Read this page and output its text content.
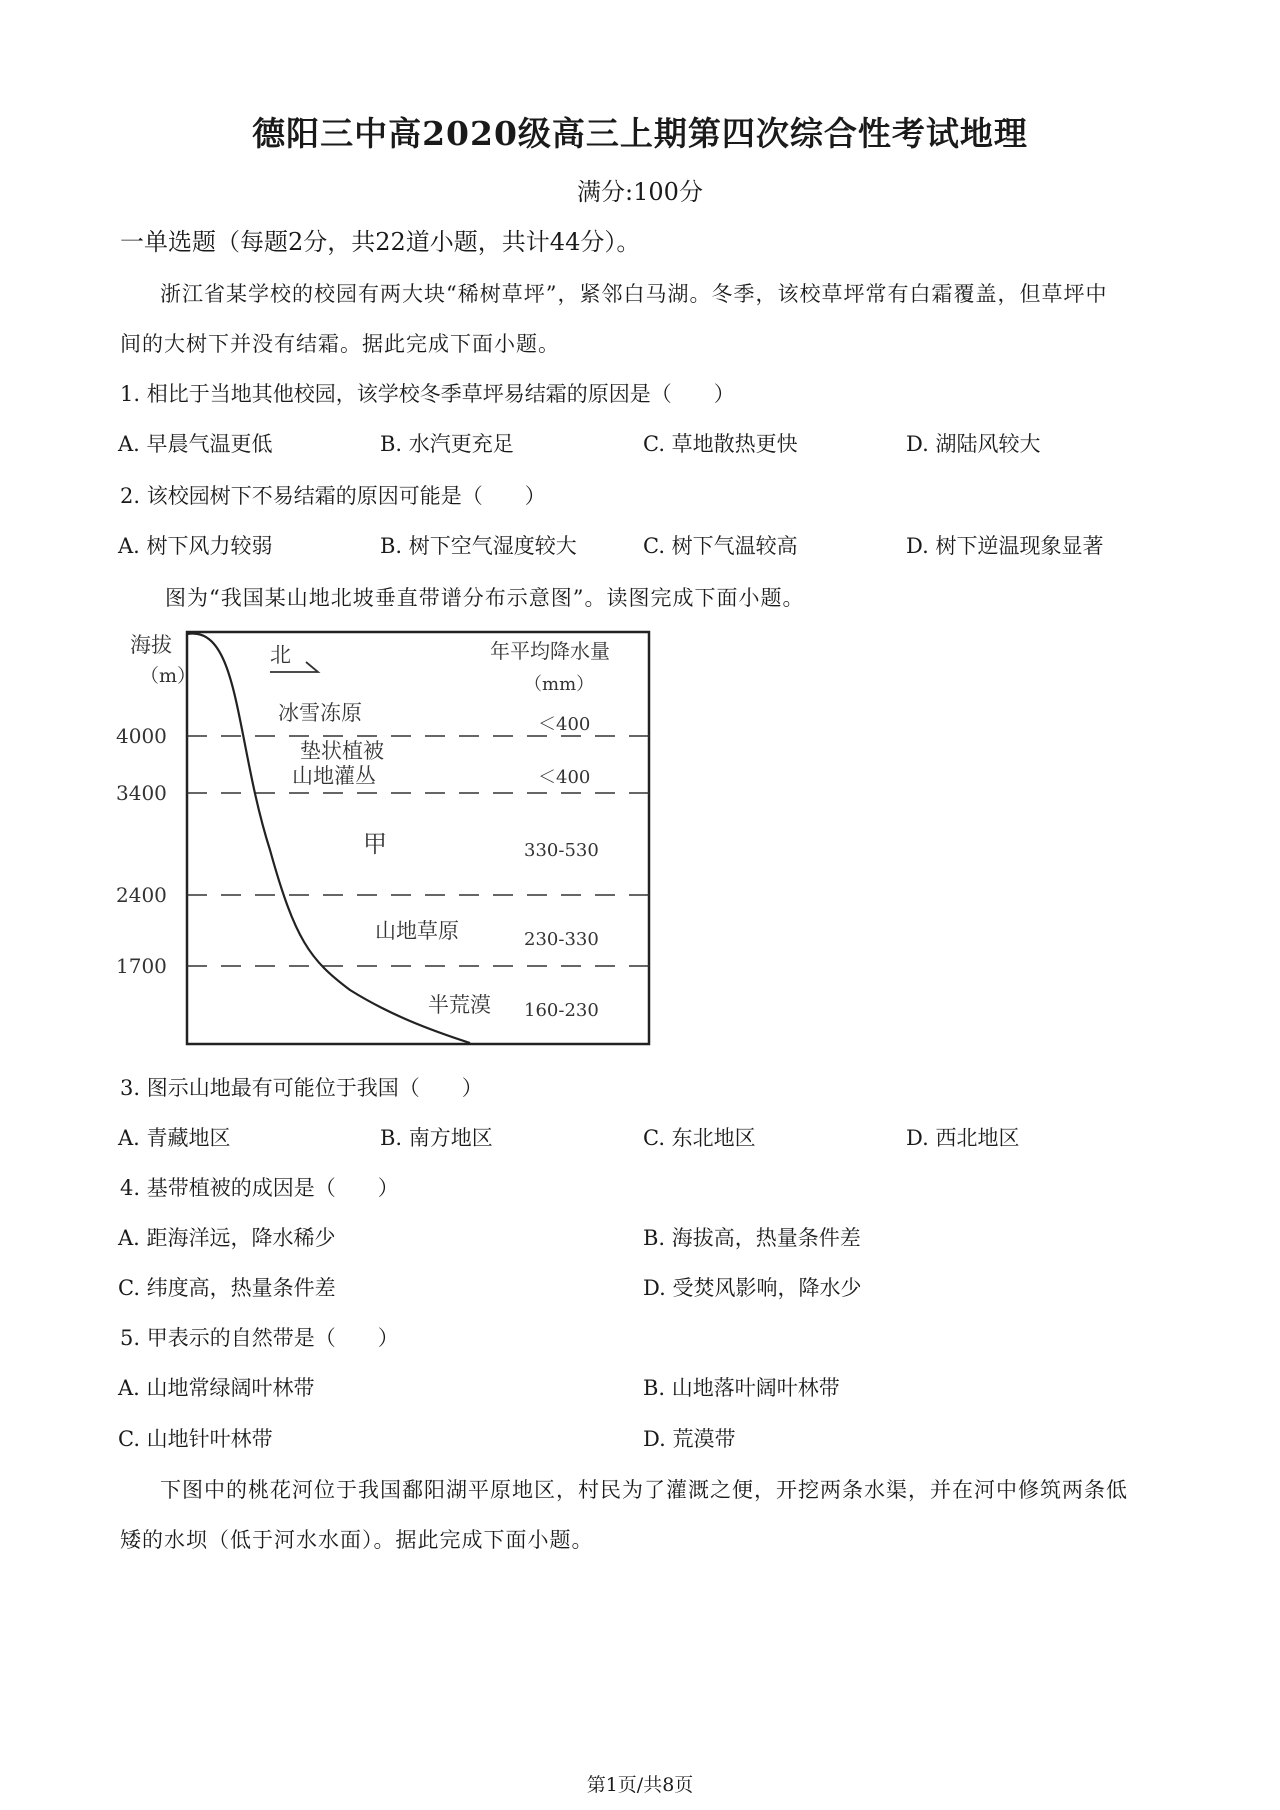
德阳三中高2020级高三上期第四次综合性考试地理
满分:100分
一单选题（每题2分，共22道小题，共计44分）。
浙江省某学校的校园有两大块“稀树草坪”，紧邻白马湖。冬季，该校草坪常有白霜覆盖，但草坪中
间的大树下并没有结霜。据此完成下面小题。
1. 相比于当地其他校园，该学校冬季草坪易结霜的原因是（　　）
A. 早晨气温更低	B. 水汽更充足	C. 草地散热更快	D. 湖陆风较大
2. 该校园树下不易结霜的原因可能是（　　）
A. 树下风力较弱	B. 树下空气湿度较大	C. 树下气温较高	D. 树下逆温现象显著
图为“我国某山地北坡垂直带谱分布示意图”。读图完成下面小题。
海拔
（m）
4000
3400
2400
1700
北	年平均降水量
（mm）
冰雪冻原
垫状植被
山地灌丛
甲
山地草原
半荒漠
＜400
＜400
330-530
230-330
160-230
3. 图示山地最有可能位于我国（　　）
A. 青藏地区	B. 南方地区	C. 东北地区	D. 西北地区
4. 基带植被的成因是（　　）
A. 距海洋远，降水稀少	B. 海拔高，热量条件差
C. 纬度高，热量条件差	D. 受焚风影响，降水少
5. 甲表示的自然带是（　　）
A. 山地常绿阔叶林带	B. 山地落叶阔叶林带
C. 山地针叶林带	D. 荒漠带
下图中的桃花河位于我国鄱阳湖平原地区，村民为了灌溉之便，开挖两条水渠，并在河中修筑两条低
矮的水坝（低于河水水面）。据此完成下面小题。
第1页/共8页
